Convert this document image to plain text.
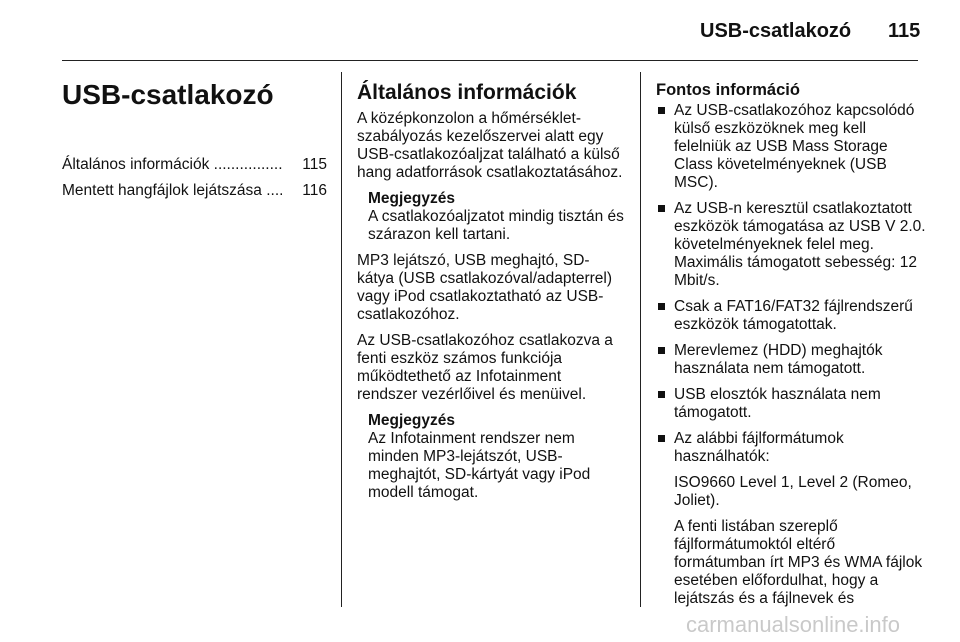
USB-csatlakozó 115
USB-csatlakozó
Általános információk ................ 115
Mentett hangfájlok lejátszása .... 116
Általános információk

A középkonzolon a hőmérséklet-szabályozás kezelőszervei alatt egy USB-csatlakozóaljzat található a külső hang adatforrások csatlakoztatásához.

Megjegyzés
A csatlakozóaljzatot mindig tisztán és szárazon kell tartani.

MP3 lejátszó, USB meghajtó, SD-kátya (USB csatlakozóval/adapterrel) vagy iPod csatlakoztatható az USB-csatlakozóhoz.

Az USB-csatlakozóhoz csatlakozva a fenti eszköz számos funkciója működtethető az Infotainment rendszer vezérlőivel és menüivel.

Megjegyzés
Az Infotainment rendszer nem minden MP3-lejátszót, USB-meghajtót, SD-kártyát vagy iPod modell támogat.
Fontos információ
Az USB-csatlakozóhoz kapcsolódó külső eszközöknek meg kell felelniük az USB Mass Storage Class követelményeknek (USB MSC).
Az USB-n keresztül csatlakoztatott eszközök támogatása az USB V 2.0. követelményeknek felel meg. Maximális támogatott sebesség: 12 Mbit/s.
Csak a FAT16/FAT32 fájlrendszerű eszközök támogatottak.
Merevlemez (HDD) meghajtók használata nem támogatott.
USB elosztók használata nem támogatott.
Az alábbi fájlformátumok használhatók:
ISO9660 Level 1, Level 2 (Romeo, Joliet).
A fenti listában szereplő fájlformátumoktól eltérő formátumban írt MP3 és WMA fájlok esetében előfordulhat, hogy a lejátszás és a fájlnevek és
carmanualsonline.info
